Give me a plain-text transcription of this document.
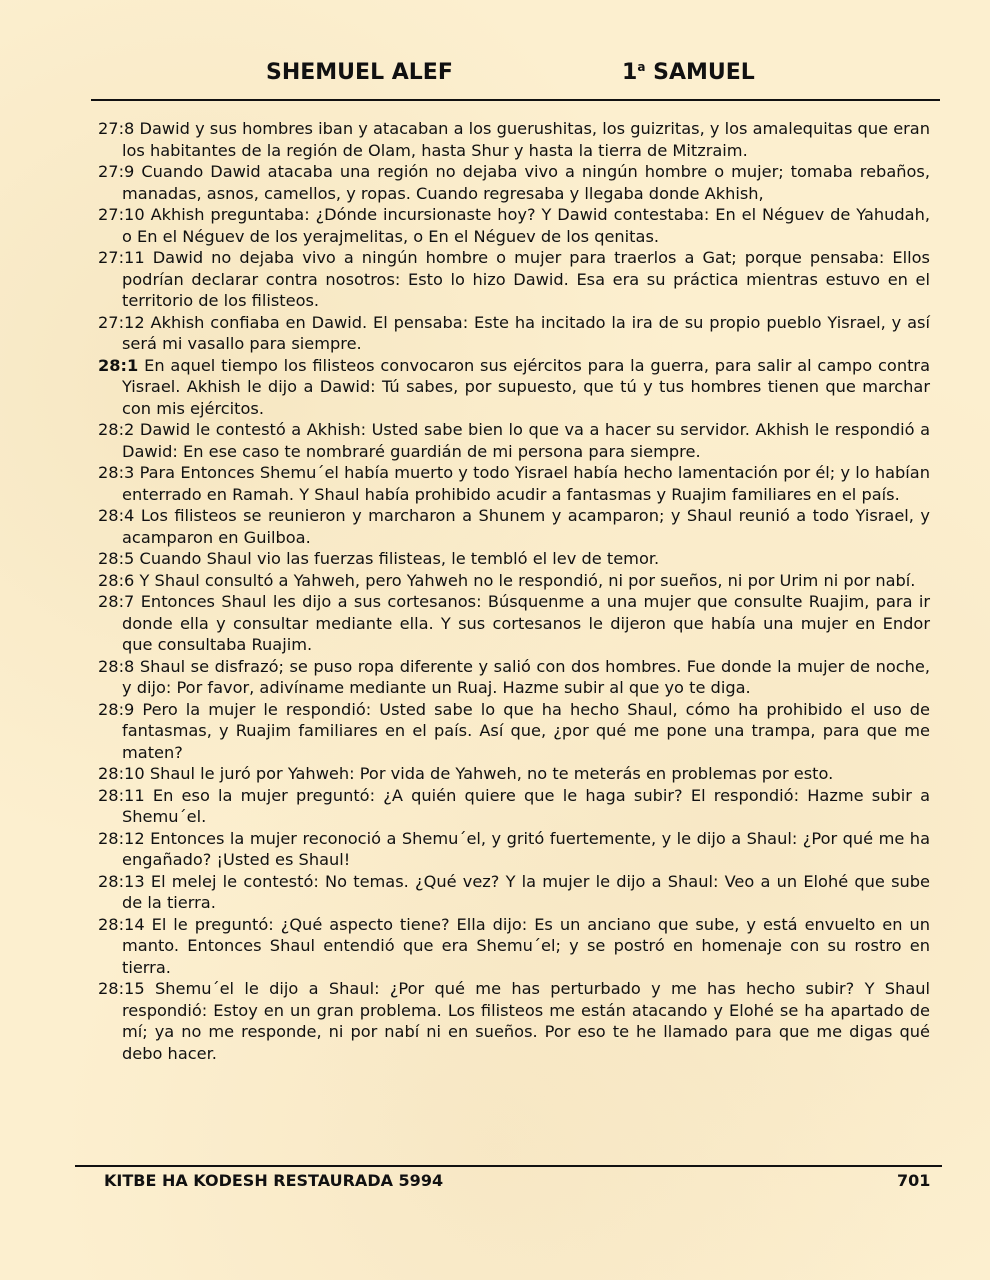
SHEMUEL ALEF	1$^a$ SAMUEL

27:8 Dawid y sus hombres iban y atacaban a los guerushitas, los guizritas, y los amalequitas que eran los habitantes de la región de Olam, hasta Shur y hasta la tierra de Mitzraim.

27:9 Cuando Dawid atacaba una región no dejaba vivo a ningún hombre o mujer; tomaba rebaños, manadas, asnos, camellos, y ropas. Cuando regresaba y llegaba donde Akhish,

27:10 Akhish preguntaba: ¿Dónde incursionaste hoy? Y Dawid contestaba: En el Néguev de Yahudah, o En el Néguev de los yerajmelitas, o En el Néguev de los qenitas.

27:11 Dawid no dejaba vivo a ningún hombre o mujer para traerlos a Gat; porque pensaba: Ellos podrían declarar contra nosotros: Esto lo hizo Dawid. Esa era su práctica mientras estuvo en el territorio de los filisteos.

27:12 Akhish confiaba en Dawid. El pensaba: Este ha incitado la ira de su propio pueblo Yisrael, y así será mi vasallo para siempre.

28:1 En aquel tiempo los filisteos convocaron sus ejércitos para la guerra, para salir al campo contra Yisrael. Akhish le dijo a Dawid: Tú sabes, por supuesto, que tú y tus hombres tienen que marchar con mis ejércitos.

28:2 Dawid le contestó a Akhish: Usted sabe bien lo que va a hacer su servidor. Akhish le respondió a Dawid: En ese caso te nombraré guardián de mi persona para siempre.

28:3 Para Entonces Shemu´el había muerto y todo Yisrael había hecho lamentación por él; y lo habían enterrado en Ramah. Y Shaul había prohibido acudir a fantasmas y Ruajim familiares en el país.

28:4 Los filisteos se reunieron y marcharon a Shunem y acamparon; y Shaul reunió a todo Yisrael, y acamparon en Guilboa.

28:5 Cuando Shaul vio las fuerzas filisteas, le tembló el lev de temor.

28:6 Y Shaul consultó a Yahweh, pero Yahweh no le respondió, ni por sueños, ni por Urim ni por nabí.

28:7 Entonces Shaul les dijo a sus cortesanos: Búsquenme a una mujer que consulte Ruajim, para ir donde ella y consultar mediante ella. Y sus cortesanos le dijeron que había una mujer en Endor que consultaba Ruajim.

28:8 Shaul se disfrazó; se puso ropa diferente y salió con dos hombres. Fue donde la mujer de noche, y dijo: Por favor, adivíname mediante un Ruaj. Hazme subir al que yo te diga.

28:9 Pero la mujer le respondió: Usted sabe lo que ha hecho Shaul, cómo ha prohibido el uso de fantasmas, y Ruajim familiares en el país. Así que, ¿por qué me pone una trampa, para que me maten?

28:10 Shaul le juró por Yahweh: Por vida de Yahweh, no te meterás en problemas por esto.

28:11 En eso la mujer preguntó: ¿A quién quiere que le haga subir? El respondió: Hazme subir a Shemu´el.

28:12 Entonces la mujer reconoció a Shemu´el, y gritó fuertemente, y le dijo a Shaul: ¿Por qué me ha engañado? ¡Usted es Shaul!

28:13 El melej le contestó: No temas. ¿Qué vez? Y la mujer le dijo a Shaul: Veo a un Elohé que sube de la tierra.

28:14 El le preguntó: ¿Qué aspecto tiene? Ella dijo: Es un anciano que sube, y está envuelto en un manto. Entonces Shaul entendió que era Shemu´el; y se postró en homenaje con su rostro en tierra.

28:15 Shemu´el le dijo a Shaul: ¿Por qué me has perturbado y me has hecho subir? Y Shaul respondió: Estoy en un gran problema. Los filisteos me están atacando y Elohé se ha apartado de mí; ya no me responde, ni por nabí ni en sueños. Por eso te he llamado para que me digas qué debo hacer.

KITBE HA KODESH RESTAURADA 5994	701
